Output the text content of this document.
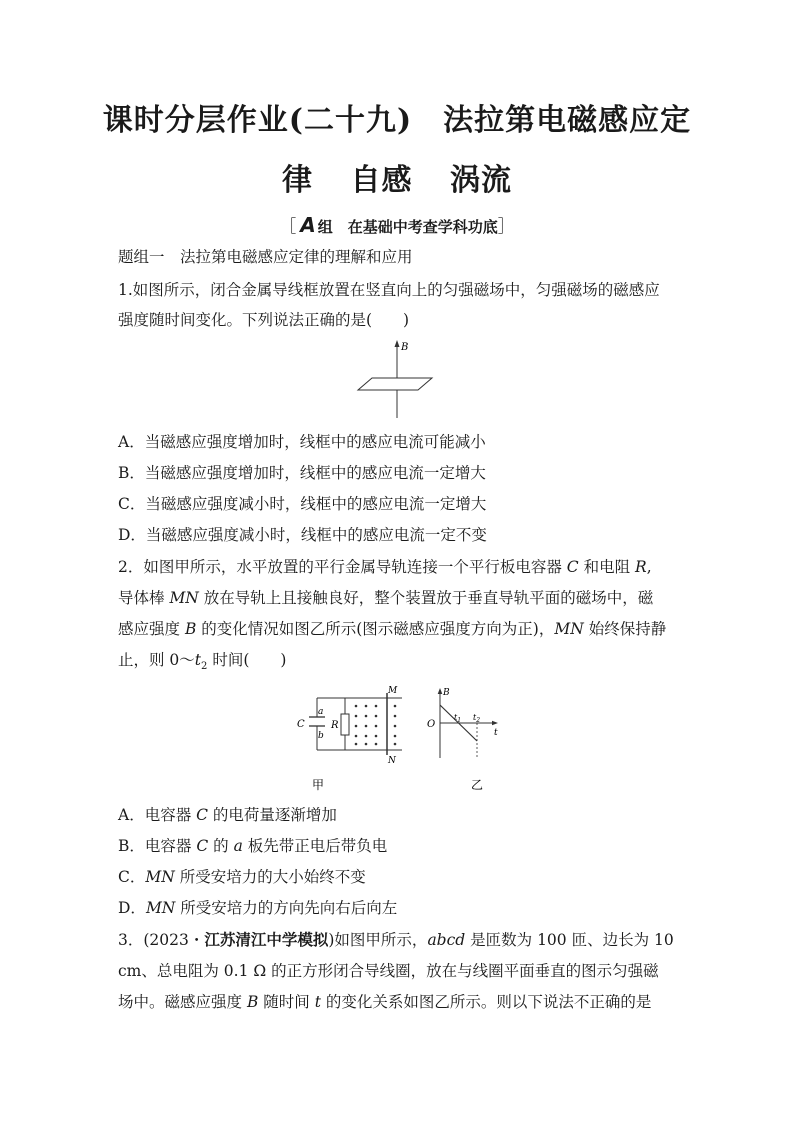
课时分层作业(二十九)　法拉第电磁感应定
律 自感 涡流
［ A 组　在基础中考查学科功底］
题组一　法拉第电磁感应定律的理解和应用
1.如图所示，闭合金属导线框放置在竖直向上的匀强磁场中，匀强磁场的磁感应
强度随时间变化。下列说法正确的是(　　)
B
A．当磁感应强度增加时，线框中的感应电流可能减小
B．当磁感应强度增加时，线框中的感应电流一定增大
C．当磁感应强度减小时，线框中的感应电流一定增大
D．当磁感应强度减小时，线框中的感应电流一定不变
2．如图甲所示，水平放置的平行金属导轨连接一个平行板电容器 C 和电阻 R,
导体棒 MN 放在导轨上且接触良好，整个装置放于垂直导轨平面的磁场中，磁
感应强度 B 的变化情况如图乙所示(图示磁感应强度方向为正)，MN 始终保持静
止，则 $0\sim t_2$ 时间(　　)
C
a
b
R
M
N
甲
B
O
$t_1$ $t_2$
t
乙
A．电容器 C 的电荷量逐渐增加
B．电容器 C 的 a 板先带正电后带负电
C．MN 所受安培力的大小始终不变
D．MN 所受安培力的方向先向右后向左
3．(2023・江苏清江中学模拟)如图甲所示，abcd 是匝数为 100 匝、边长为 10
cm、总电阻为 0.1 Ω 的正方形闭合导线圈，放在与线圈平面垂直的图示匀强磁
场中。磁感应强度 B 随时间 t 的变化关系如图乙所示。则以下说法不正确的是
